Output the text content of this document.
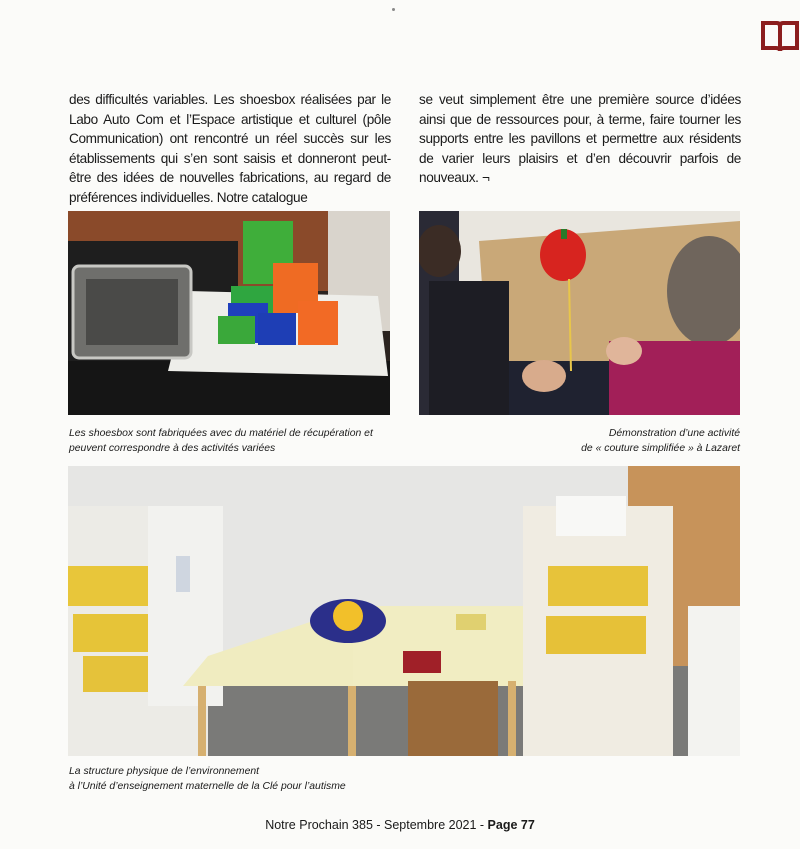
des difficultés variables. Les shoesbox réalisées par le Labo Auto Com et l’Espace artistique et culturel (pôle Communication) ont rencontré un réel succès sur les établissements qui s’en sont saisis et donneront peut-être des idées de nouvelles fabrications, au regard de préférences individuelles. Notre catalogue
se veut simplement être une première source d’idées ainsi que de ressources pour, à terme, faire tourner les supports entre les pavillons et permettre aux résidents de varier leurs plaisirs et d’en découvrir parfois de nouveaux. ¬
Les shoesbox sont fabriquées avec du matériel de récupération et
peuvent correspondre à des activités variées
Démonstration d’une activité
de « couture simplifiée » à Lazaret
La structure physique de l’environnement
à l’Unité d’enseignement maternelle de la Clé pour l’autisme
Notre Prochain 385 - Septembre 2021 - Page 77
